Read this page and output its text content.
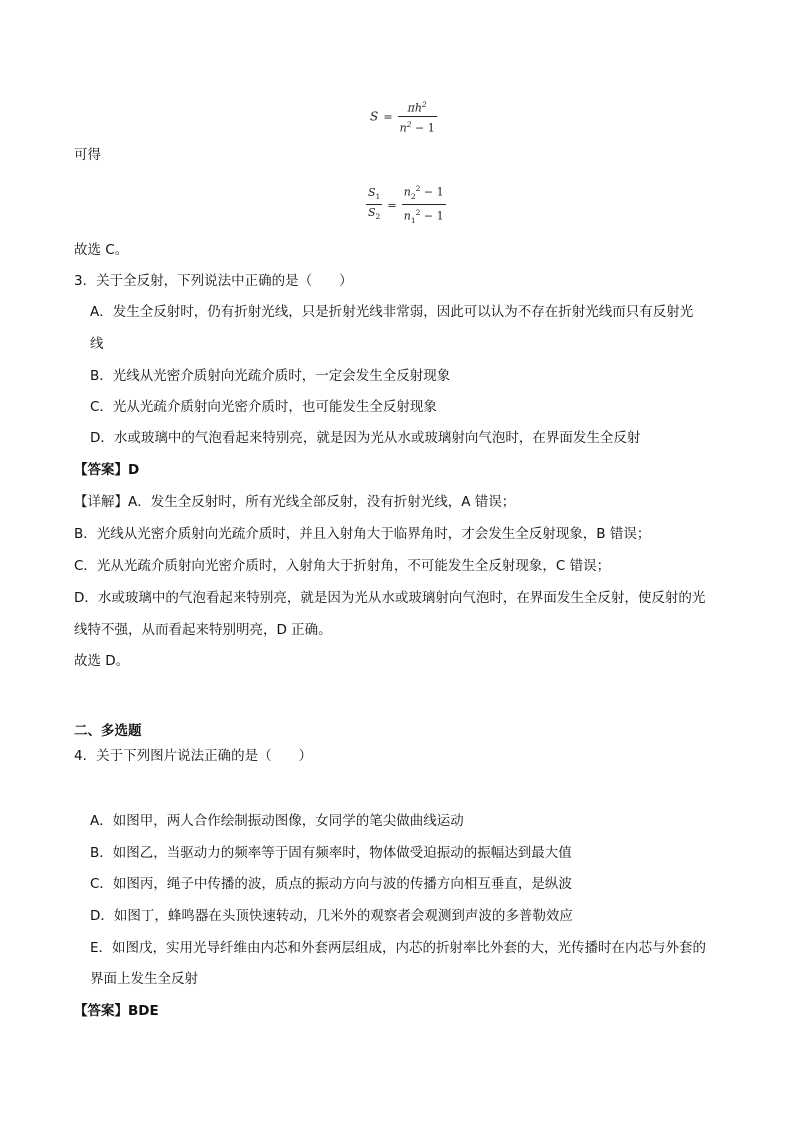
$S = \frac{\pi h^2}{n^2 - 1}$
可得
$\frac{S_1}{S_2} = \frac{n_2^2 - 1}{n_1^2 - 1}$
故选 C。
3．关于全反射，下列说法中正确的是（　　）
A．发生全反射时，仍有折射光线，只是折射光线非常弱，因此可以认为不存在折射光线而只有反射光
线
B．光线从光密介质射向光疏介质时，一定会发生全反射现象
C．光从光疏介质射向光密介质时，也可能发生全反射现象
D．水或玻璃中的气泡看起来特别亮，就是因为光从水或玻璃射向气泡时，在界面发生全反射
【答案】D
【详解】A．发生全反射时，所有光线全部反射，没有折射光线，A 错误；
B．光线从光密介质射向光疏介质时，并且入射角大于临界角时，才会发生全反射现象，B 错误；
C．光从光疏介质射向光密介质时，入射角大于折射角，不可能发生全反射现象，C 错误；
D．水或玻璃中的气泡看起来特别亮，就是因为光从水或玻璃射向气泡时，在界面发生全反射，使反射的光
线特不强，从而看起来特别明亮，D 正确。
故选 D。
二、多选题
4．关于下列图片说法正确的是（　　）
A．如图甲，两人合作绘制振动图像，女同学的笔尖做曲线运动
B．如图乙，当驱动力的频率等于固有频率时，物体做受迫振动的振幅达到最大值
C．如图丙，绳子中传播的波，质点的振动方向与波的传播方向相互垂直，是纵波
D．如图丁，蜂鸣器在头顶快速转动，几米外的观察者会观测到声波的多普勒效应
E．如图戊，实用光导纤维由内芯和外套两层组成，内芯的折射率比外套的大，光传播时在内芯与外套的
界面上发生全反射
【答案】BDE
